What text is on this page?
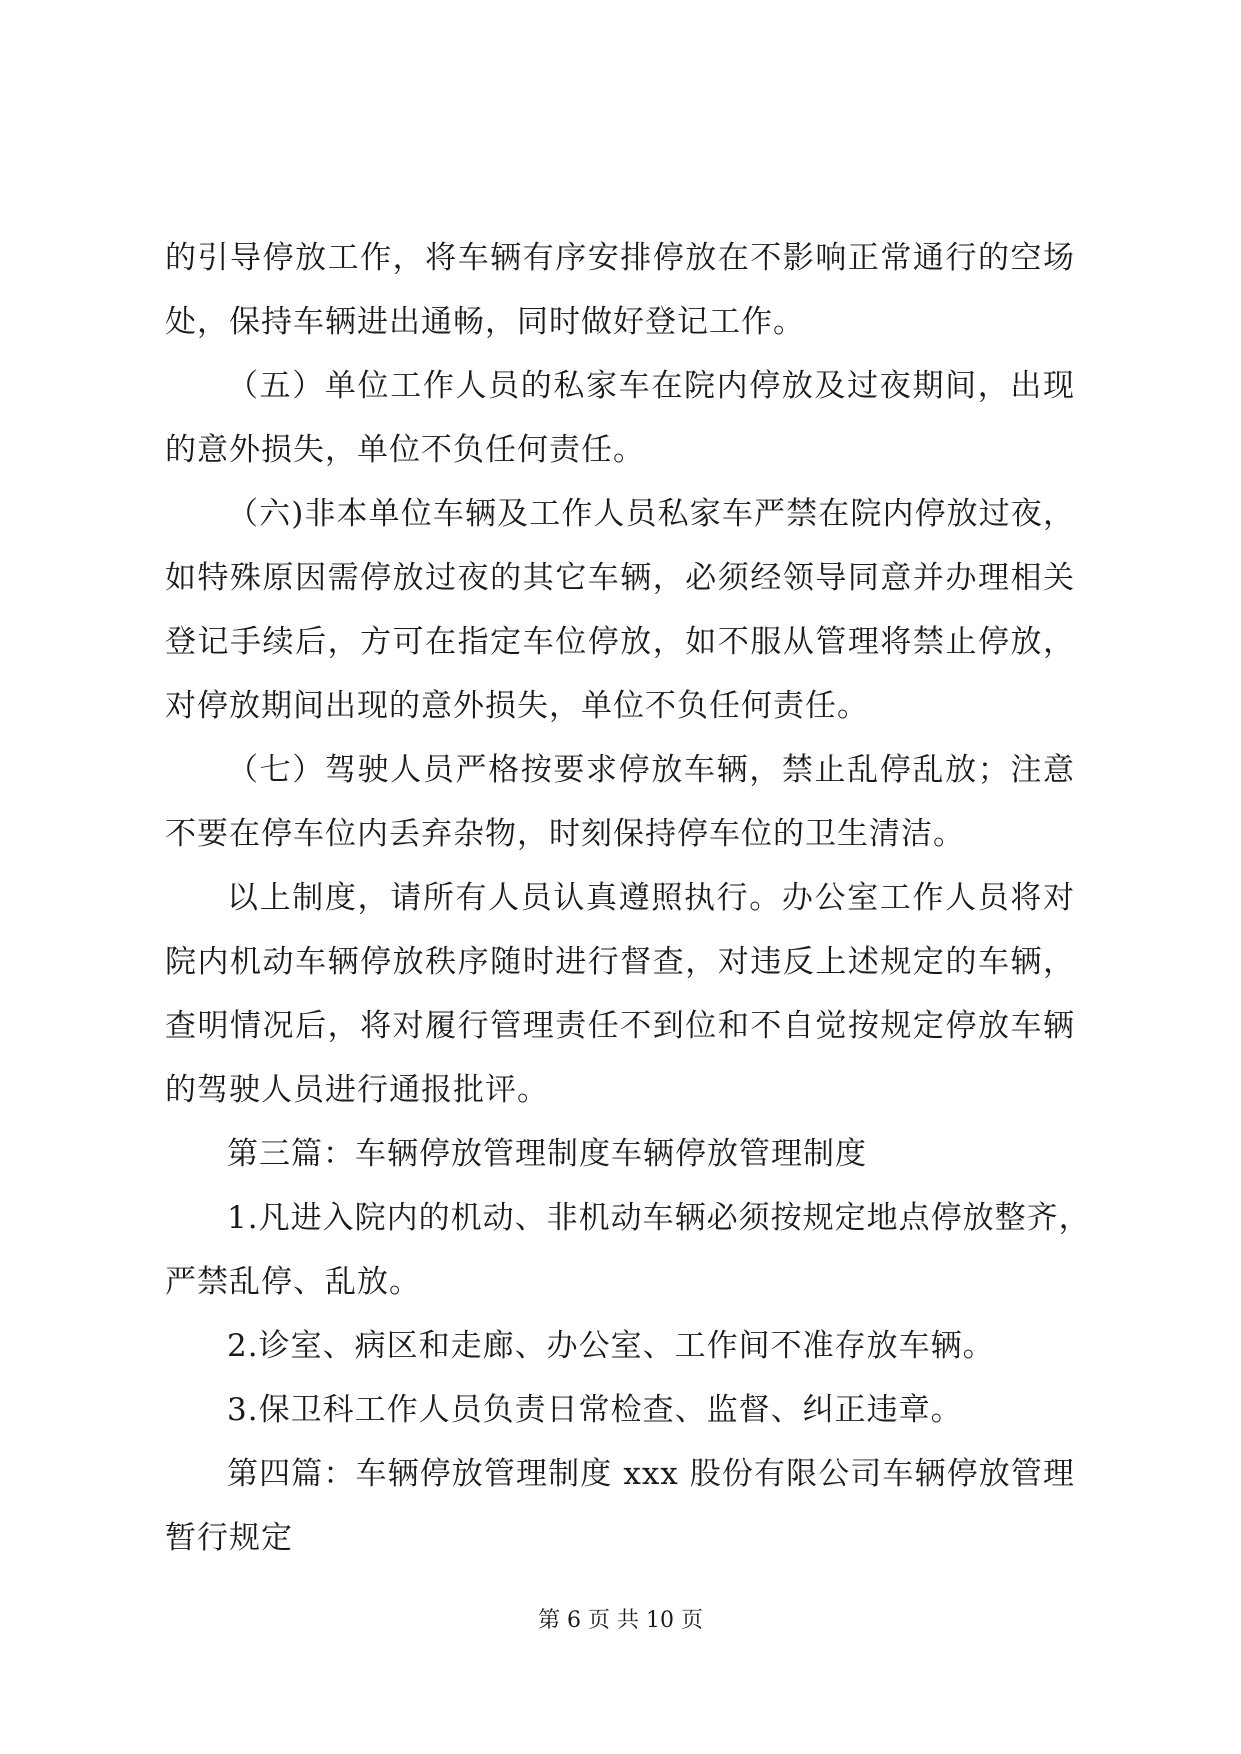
的引导停放工作，将车辆有序安排停放在不影响正常通行的空场
处，保持车辆进出通畅，同时做好登记工作。
（五）单位工作人员的私家车在院内停放及过夜期间，出现
的意外损失，单位不负任何责任。
（六)非本单位车辆及工作人员私家车严禁在院内停放过夜，
如特殊原因需停放过夜的其它车辆，必须经领导同意并办理相关
登记手续后，方可在指定车位停放，如不服从管理将禁止停放，
对停放期间出现的意外损失，单位不负任何责任。
（七）驾驶人员严格按要求停放车辆，禁止乱停乱放；注意
不要在停车位内丢弃杂物，时刻保持停车位的卫生清洁。
以上制度，请所有人员认真遵照执行。办公室工作人员将对
院内机动车辆停放秩序随时进行督查，对违反上述规定的车辆，
查明情况后，将对履行管理责任不到位和不自觉按规定停放车辆
的驾驶人员进行通报批评。
第三篇：车辆停放管理制度车辆停放管理制度
1.凡进入院内的机动、非机动车辆必须按规定地点停放整齐，
严禁乱停、乱放。
2.诊室、病区和走廊、办公室、工作间不准存放车辆。
3.保卫科工作人员负责日常检查、监督、纠正违章。
第四篇：车辆停放管理制度 xxx 股份有限公司车辆停放管理
暂行规定
第 6 页 共 10 页
